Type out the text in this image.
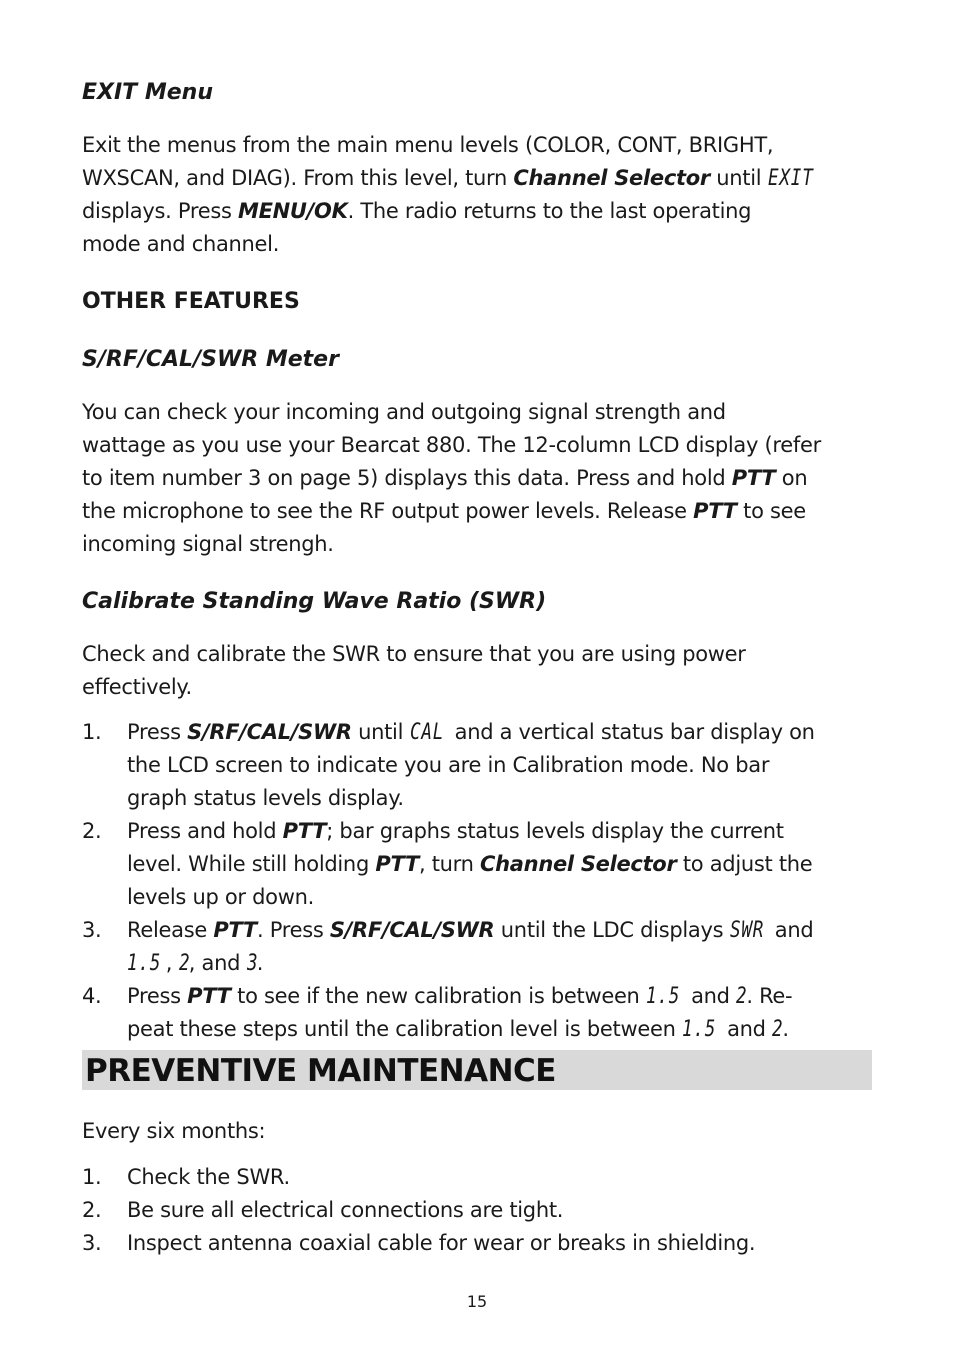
EXIT Menu
Exit the menus from the main menu levels (COLOR, CONT, BRIGHT,
WXSCAN, and DIAG). From this level, turn Channel Selector until EXIT
displays. Press MENU/OK. The radio returns to the last operating
mode and channel.
OTHER FEATURES
S/RF/CAL/SWR Meter
You can check your incoming and outgoing signal strength and
wattage as you use your Bearcat 880. The 12-column LCD display (refer
to item number 3 on page 5) displays this data. Press and hold PTT on
the microphone to see the RF output power levels. Release PTT to see
incoming signal strengh.
Calibrate Standing Wave Ratio (SWR)
Check and calibrate the SWR to ensure that you are using power
effectively.
1. Press S/RF/CAL/SWR until CAL and a vertical status bar display on
the LCD screen to indicate you are in Calibration mode. No bar
graph status levels display.
2. Press and hold PTT; bar graphs status levels display the current
level. While still holding PTT, turn Channel Selector to adjust the
levels up or down.
3. Release PTT. Press S/RF/CAL/SWR until the LDC displays SWR and
1.5 , 2, and 3.
4. Press PTT to see if the new calibration is between 1.5 and 2. Re-
peat these steps until the calibration level is between 1.5 and 2.
Every six months:
1. Check the SWR.
2. Be sure all electrical connections are tight.
3. Inspect antenna coaxial cable for wear or breaks in shielding.
PREVENTIVE MAINTENANCE
15
